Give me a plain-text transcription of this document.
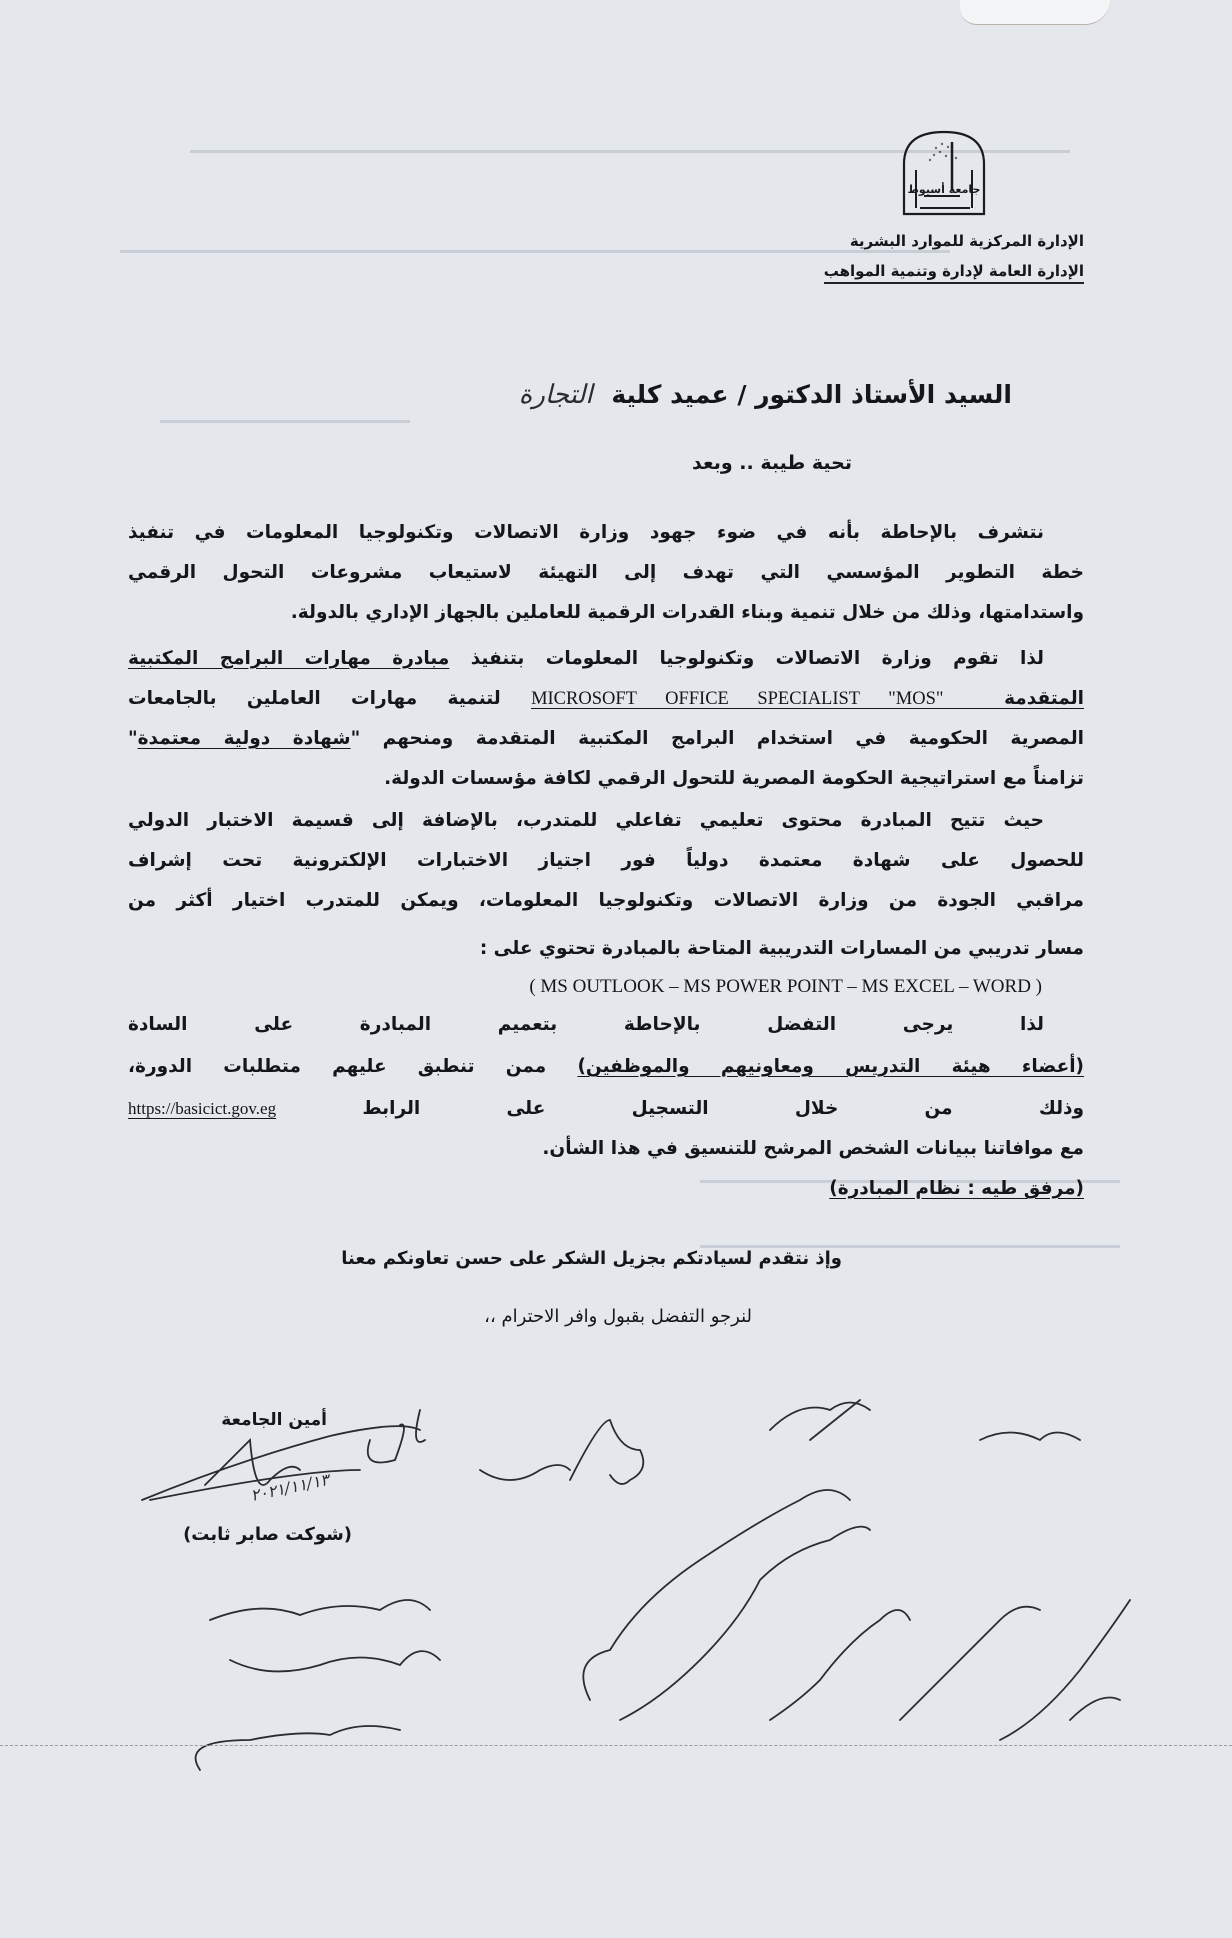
جامعة أسيوط
الإدارة المركزية للموارد البشرية
الإدارة العامة لإدارة وتنمية المواهب
السيد الأستاذ الدكتور / عميد كلية التجارة
تحية طيبة .. وبعد
نتشرف بالإحاطة بأنه في ضوء جهود وزارة الاتصالات وتكنولوجيا المعلومات في تنفيذ
خطة التطوير المؤسسي التي تهدف إلى التهيئة لاستيعاب مشروعات التحول الرقمي
واستدامتها، وذلك من خلال تنمية وبناء القدرات الرقمية للعاملين بالجهاز الإداري بالدولة.
لذا تقوم وزارة الاتصالات وتكنولوجيا المعلومات بتنفيذ مبادرة مهارات البرامج المكتبية
المتقدمة  MICROSOFT OFFICE SPECIALIST "MOS" لتنمية مهارات العاملين بالجامعات
المصرية الحكومية في استخدام البرامج المكتبية المتقدمة ومنحهم "شهادة دولية معتمدة"
تزامناً مع استراتيجية الحكومة المصرية للتحول الرقمي لكافة مؤسسات الدولة.
حيث تتيح المبادرة محتوى تعليمي تفاعلي للمتدرب، بالإضافة إلى قسيمة الاختبار الدولي
للحصول على شهادة معتمدة دولياً فور اجتياز الاختبارات الإلكترونية تحت إشراف
مراقبي الجودة من وزارة الاتصالات وتكنولوجيا المعلومات، ويمكن للمتدرب اختيار أكثر من
مسار تدريبي من المسارات التدريبية المتاحة بالمبادرة تحتوي على :
( MS OUTLOOK – MS POWER POINT – MS EXCEL – WORD )
لذا يرجى التفضل بالإحاطة بتعميم المبادرة على السادة
(أعضاء هيئة التدريس ومعاونيهم والموظفين) ممن تنطبق عليهم متطلبات الدورة،
وذلك من خلال التسجيل على الرابط https://basicict.gov.eg
مع موافاتنا ببيانات الشخص المرشح للتنسيق في هذا الشأن.
(مرفق طيه : نظام المبادرة)
وإذ نتقدم لسيادتكم بجزيل الشكر على حسن تعاونكم معنا
لنرجو التفضل بقبول وافر الاحترام ،،
أمين الجامعة
(شوكت صابر ثابت)
٢٠٢١/١١/١٣
